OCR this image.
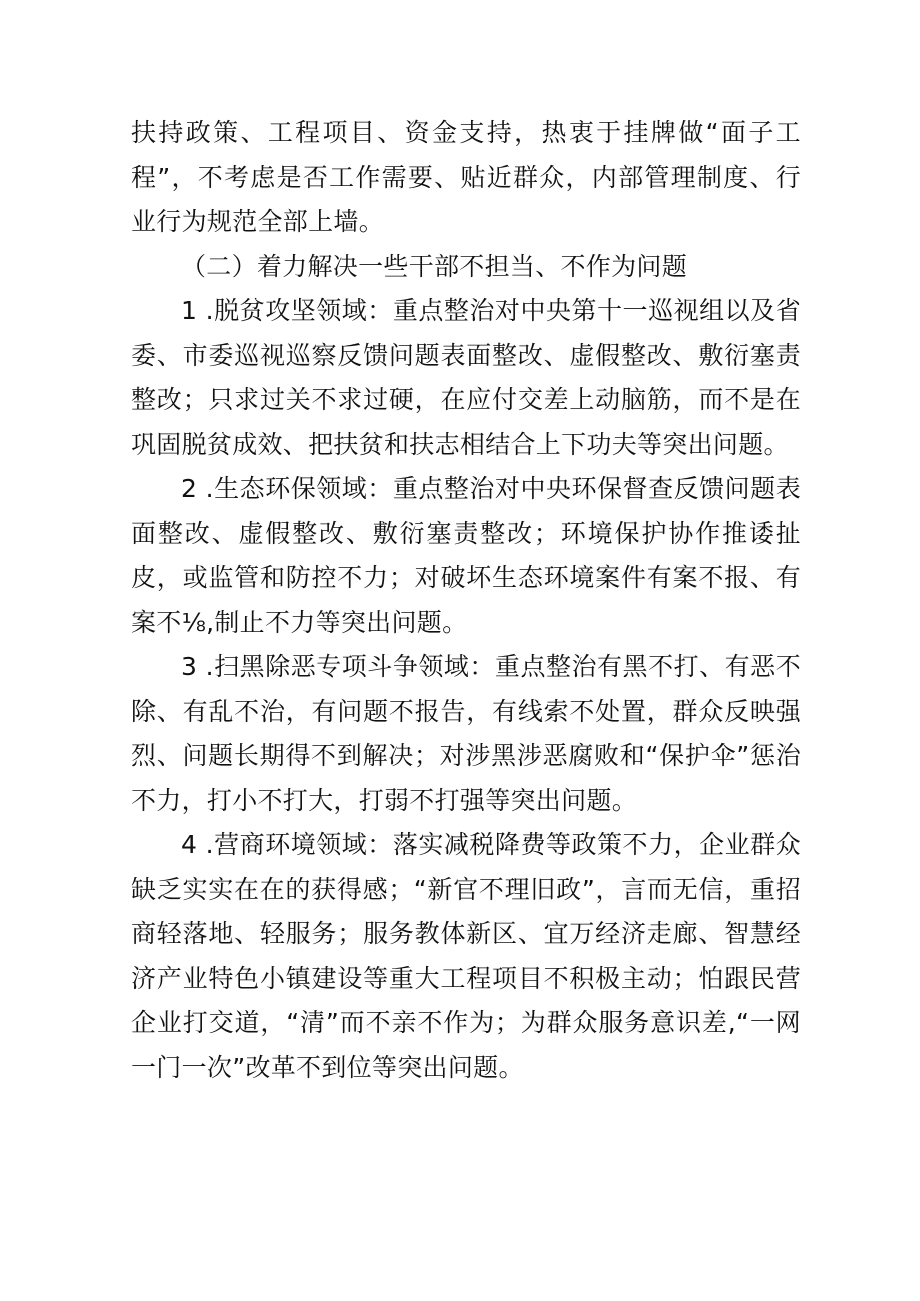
扶持政策、工程项目、资金支持，热衷于挂牌做“面子工程”，不考虑是否工作需要、贴近群众，内部管理制度、行业行为规范全部上墙。

（二）着力解决一些干部不担当、不作为问题

1 .脱贫攻坚领域：重点整治对中央第十一巡视组以及省委、市委巡视巡察反馈问题表面整改、虚假整改、敷衍塞责整改；只求过关不求过硬，在应付交差上动脑筋，而不是在巩固脱贫成效、把扶贫和扶志相结合上下功夫等突出问题。

2 .生态环保领域：重点整治对中央环保督查反馈问题表面整改、虚假整改、敷衍塞责整改；环境保护协作推诿扯皮，或监管和防控不力；对破坏生态环境案件有案不报、有案不⅛,制止不力等突出问题。

3 .扫黑除恶专项斗争领域：重点整治有黑不打、有恶不除、有乱不治，有问题不报告，有线索不处置，群众反映强烈、问题长期得不到解决；对涉黑涉恶腐败和“保护伞”惩治不力，打小不打大，打弱不打强等突出问题。

4 .营商环境领域：落实减税降费等政策不力，企业群众缺乏实实在在的获得感；“新官不理旧政”，言而无信，重招商轻落地、轻服务；服务教体新区、宜万经济走廊、智慧经济产业特色小镇建设等重大工程项目不积极主动；怕跟民营企业打交道，“清”而不亲不作为；为群众服务意识差,“一网一门一次”改革不到位等突出问题。
